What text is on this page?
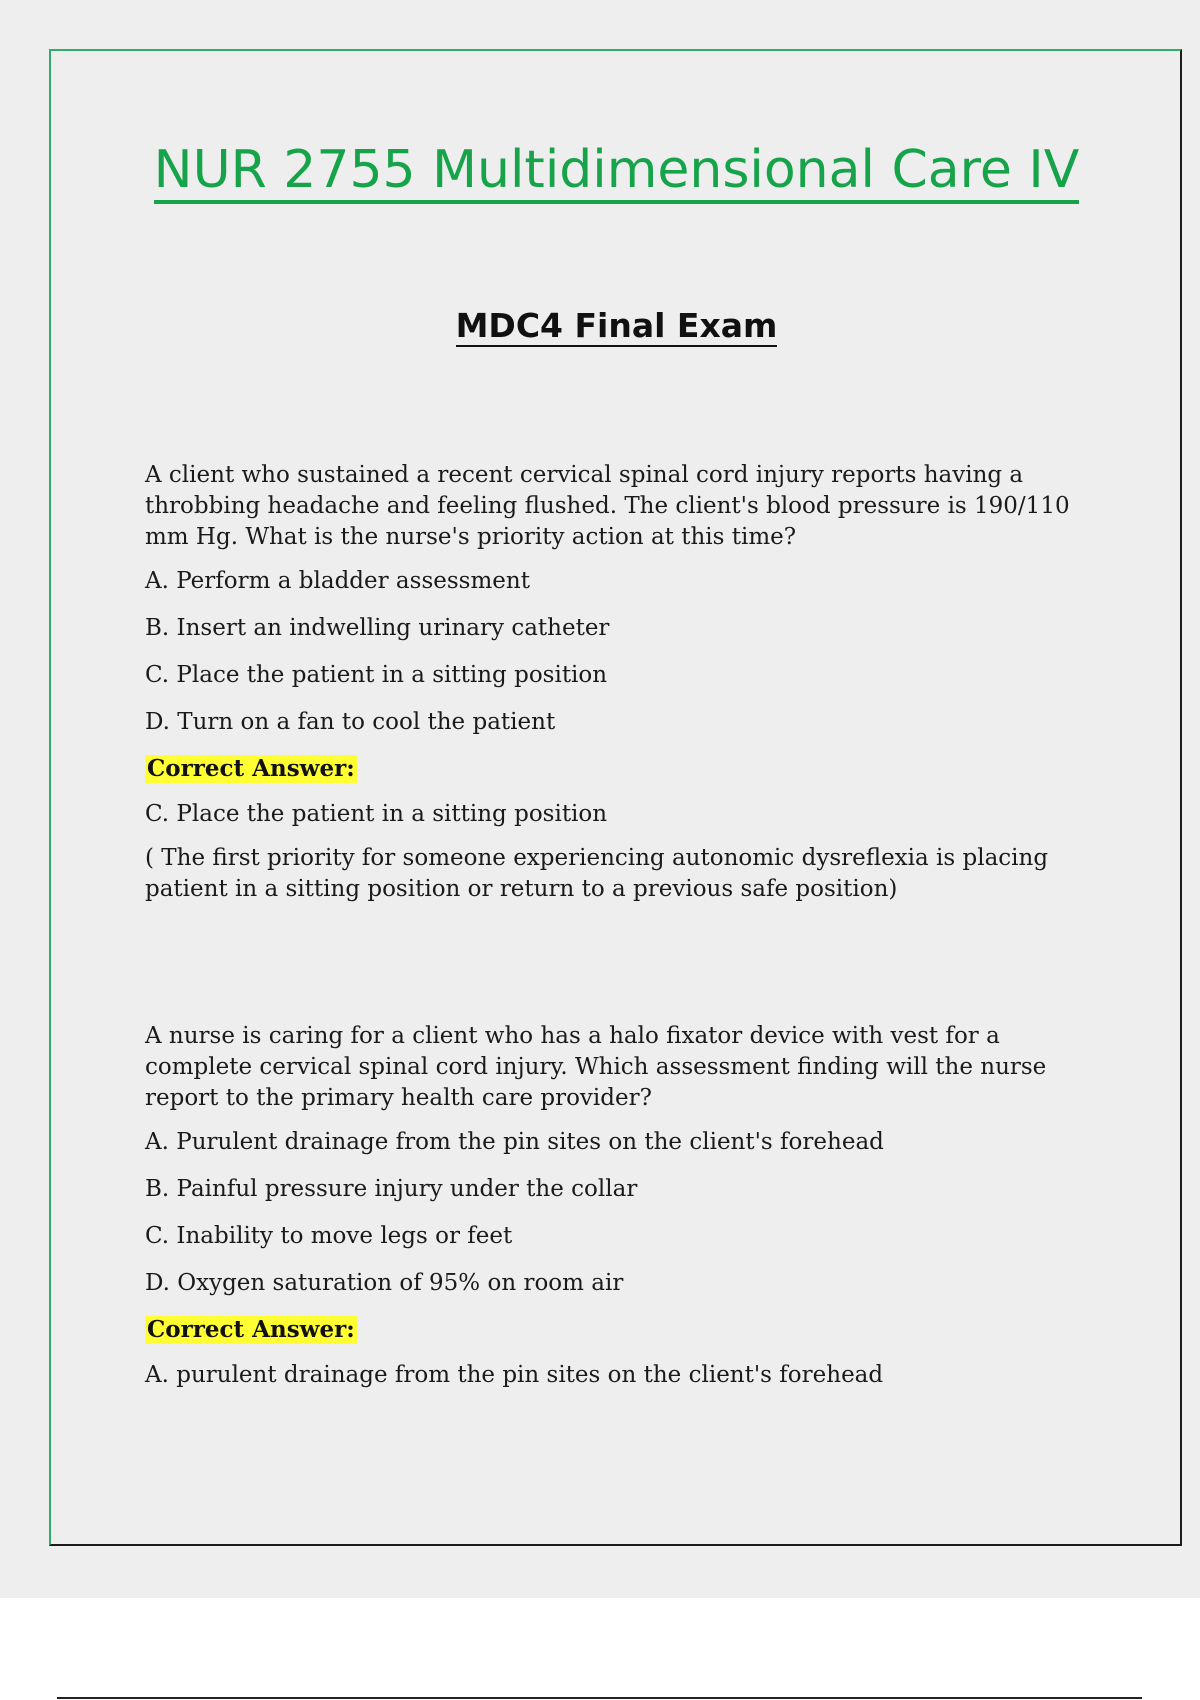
NUR 2755 Multidimensional Care IV
MDC4 Final Exam

A client who sustained a recent cervical spinal cord injury reports having a throbbing headache and feeling flushed. The client's blood pressure is 190/110 mm Hg. What is the nurse's priority action at this time?

A. Perform a bladder assessment

B. Insert an indwelling urinary catheter

C. Place the patient in a sitting position

D. Turn on a fan to cool the patient

Correct Answer:

C. Place the patient in a sitting position

( The first priority for someone experiencing autonomic dysreflexia is placing patient in a sitting position or return to a previous safe position)

A nurse is caring for a client who has a halo fixator device with vest for a complete cervical spinal cord injury. Which assessment finding will the nurse report to the primary health care provider?

A. Purulent drainage from the pin sites on the client's forehead

B. Painful pressure injury under the collar

C. Inability to move legs or feet

D. Oxygen saturation of 95% on room air

Correct Answer:

A. purulent drainage from the pin sites on the client's forehead
